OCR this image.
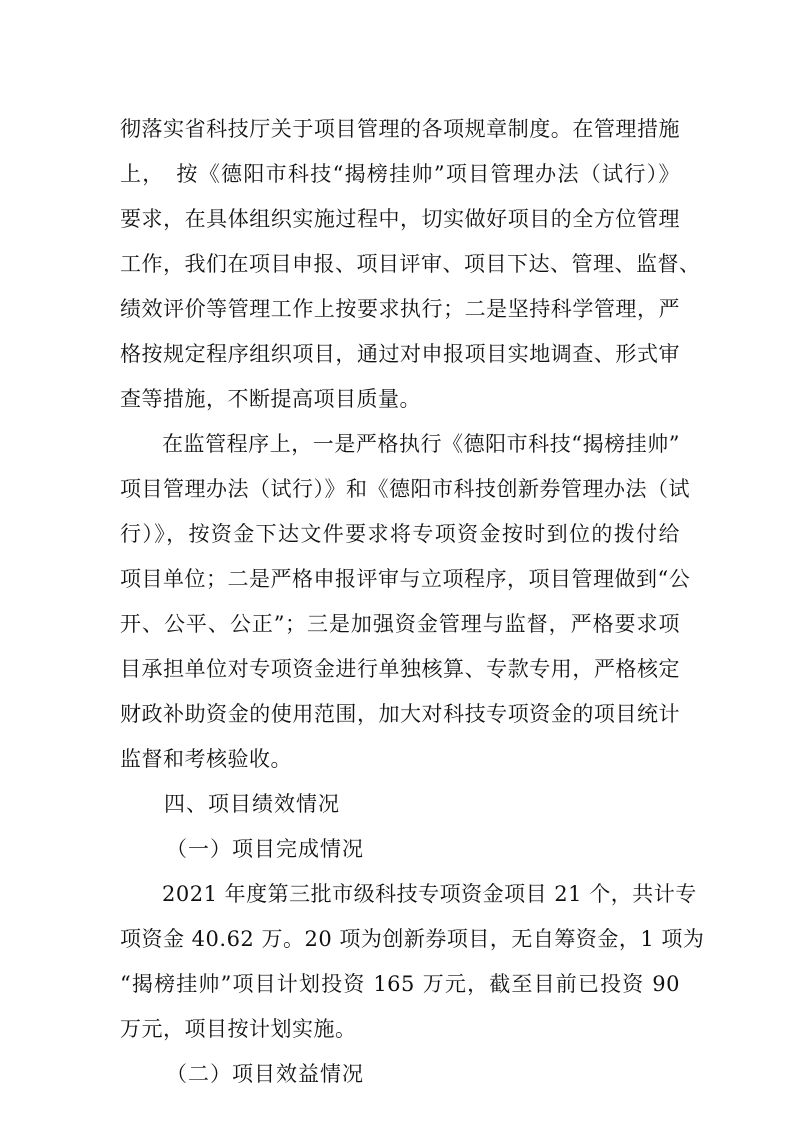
彻落实省科技厅关于项目管理的各项规章制度。在管理措施
上，　按《德阳市科技“揭榜挂帅”项目管理办法（试行）》
要求，在具体组织实施过程中，切实做好项目的全方位管理
工作，我们在项目申报、项目评审、项目下达、管理、监督、
绩效评价等管理工作上按要求执行；二是坚持科学管理，严
格按规定程序组织项目，通过对申报项目实地调查、形式审
查等措施，不断提高项目质量。
在监管程序上，一是严格执行《德阳市科技“揭榜挂帅”
项目管理办法（试行）》和《德阳市科技创新券管理办法（试
行）》，按资金下达文件要求将专项资金按时到位的拨付给
项目单位；二是严格申报评审与立项程序，项目管理做到“公
开、公平、公正”；三是加强资金管理与监督，严格要求项
目承担单位对专项资金进行单独核算、专款专用，严格核定
财政补助资金的使用范围，加大对科技专项资金的项目统计
监督和考核验收。
四、项目绩效情况
（一）项目完成情况
2021 年度第三批市级科技专项资金项目 21 个，共计专
项资金 40.62 万。20 项为创新券项目，无自筹资金，1 项为
“揭榜挂帅”项目计划投资 165 万元，截至目前已投资 90
万元，项目按计划实施。
（二）项目效益情况
